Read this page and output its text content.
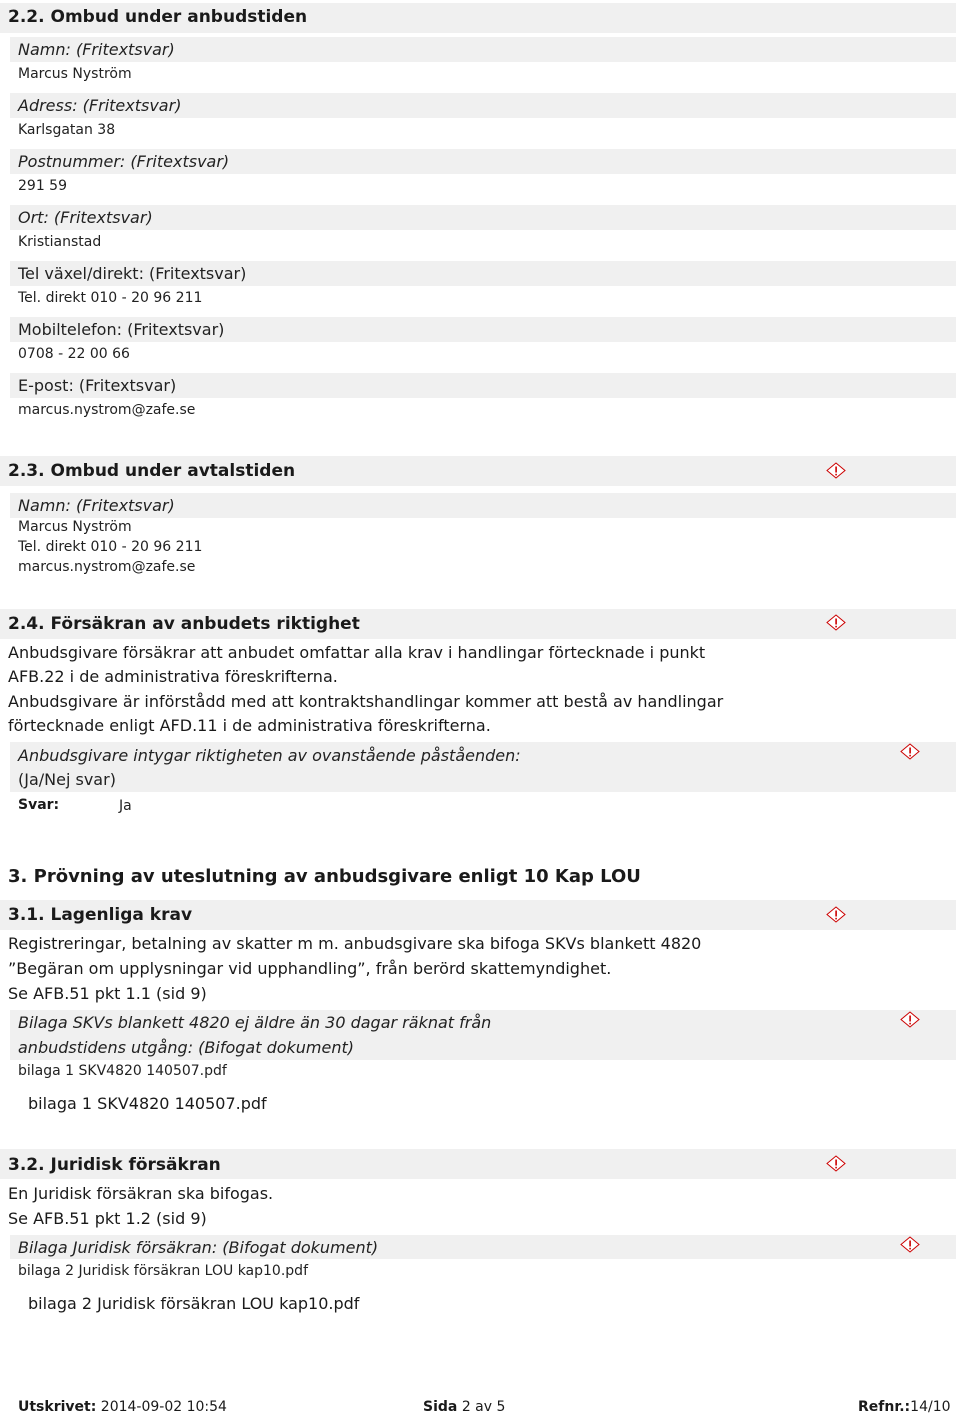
2.2. Ombud under anbudstiden
Namn: (Fritextsvar)
Marcus Nyström
Adress: (Fritextsvar)
Karlsgatan 38
Postnummer: (Fritextsvar)
291 59
Ort: (Fritextsvar)
Kristianstad
Tel växel/direkt: (Fritextsvar)
Tel. direkt 010 - 20 96 211
Mobiltelefon: (Fritextsvar)
0708 - 22 00 66
E-post: (Fritextsvar)
marcus.nystrom@zafe.se
2.3. Ombud under avtalstiden
Namn: (Fritextsvar)
Marcus Nyström
Tel. direkt 010 - 20 96 211
marcus.nystrom@zafe.se
2.4. Försäkran av anbudets riktighet
Anbudsgivare försäkrar att anbudet omfattar alla krav i handlingar förtecknade i punkt
AFB.22 i de administrativa föreskrifterna.
Anbudsgivare är införstådd med att kontraktshandlingar kommer att bestå av handlingar
förtecknade enligt AFD.11 i de administrativa föreskrifterna.
Anbudsgivare intygar riktigheten av ovanstående påståenden:
(Ja/Nej svar)
Svar:	Ja
3. Prövning av uteslutning av anbudsgivare enligt 10 Kap LOU
3.1. Lagenliga krav
Registreringar, betalning av skatter m m. anbudsgivare ska bifoga SKVs blankett 4820
”Begäran om upplysningar vid upphandling”, från berörd skattemyndighet.
Se AFB.51 pkt 1.1 (sid 9)
Bilaga SKVs blankett 4820 ej äldre än 30 dagar räknat från
anbudstidens utgång: (Bifogat dokument)
bilaga 1 SKV4820 140507.pdf
bilaga 1 SKV4820 140507.pdf
3.2. Juridisk försäkran
En Juridisk försäkran ska bifogas.
Se AFB.51 pkt 1.2 (sid 9)
Bilaga Juridisk försäkran: (Bifogat dokument)
bilaga 2 Juridisk försäkran LOU kap10.pdf
bilaga 2 Juridisk försäkran LOU kap10.pdf
Utskrivet: 2014-09-02 10:54	Sida 2 av 5	Refnr.:14/10
